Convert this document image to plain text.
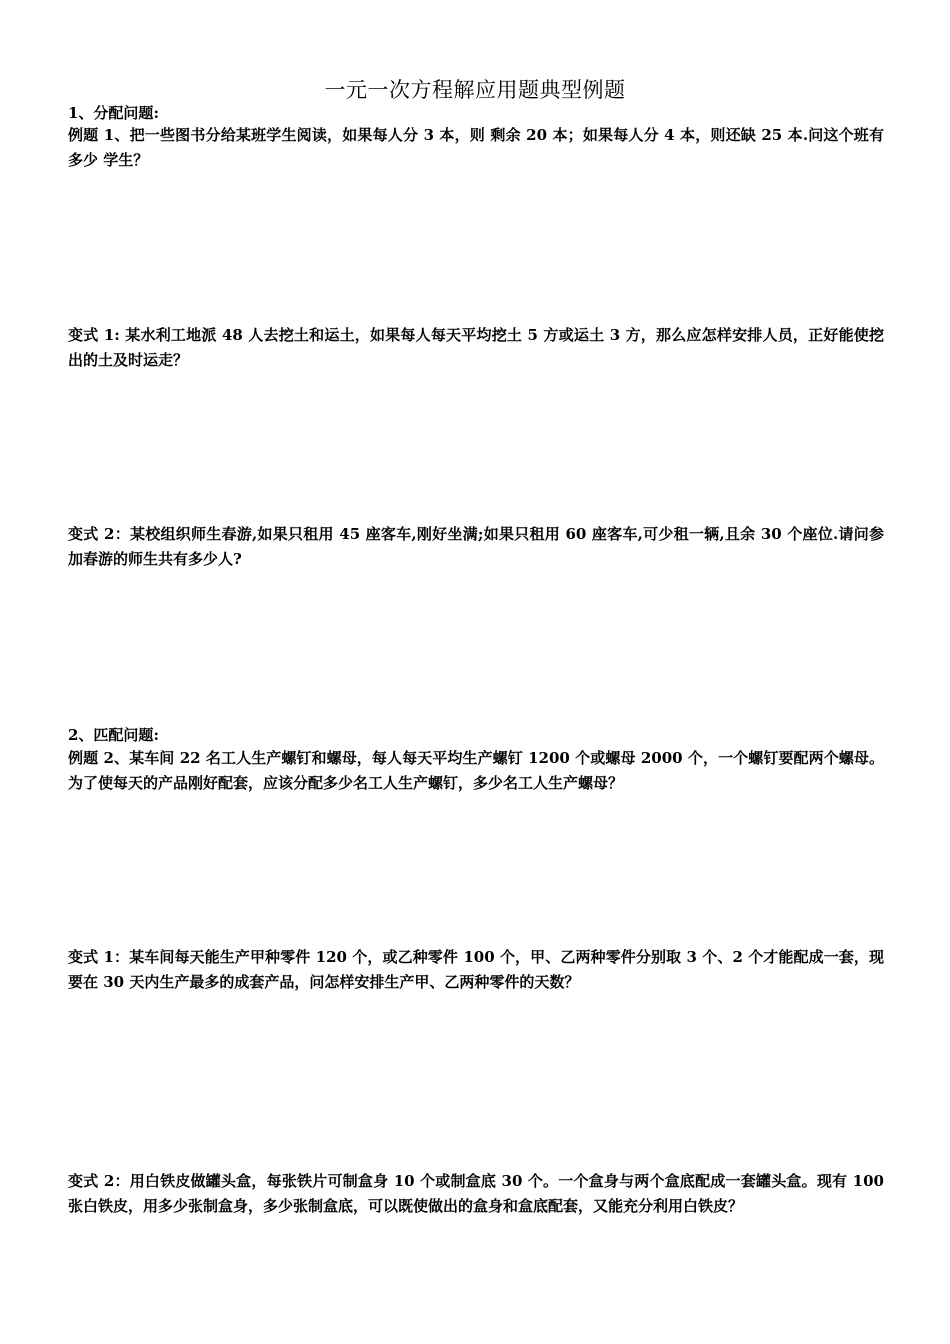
一元一次方程解应用题典型例题
1、分配问题:
例题 1、把一些图书分给某班学生阅读，如果每人分 3 本，则 剩余 20 本；如果每人分 4 本，则还缺 25 本.问这个班有多少 学生？
变式 1: 某水利工地派 48 人去挖土和运土，如果每人每天平均挖土 5 方或运土 3 方，那么应怎样安排人员，正好能使挖出的土及时运走？
变式 2：某校组织师生春游,如果只租用 45 座客车,刚好坐满;如果只租用 60 座客车,可少租一辆,且余 30 个座位.请问参加春游的师生共有多少人?
2、匹配问题:
例题 2、某车间 22 名工人生产螺钉和螺母，每人每天平均生产螺钉 1200 个或螺母 2000 个，一个螺钉要配两个螺母。为了使每天的产品刚好配套，应该分配多少名工人生产螺钉，多少名工人生产螺母？
变式 1：某车间每天能生产甲种零件 120 个，或乙种零件 100 个，甲、乙两种零件分别取 3 个、2 个才能配成一套，现要在 30 天内生产最多的成套产品，问怎样安排生产甲、乙两种零件的天数？
变式 2：用白铁皮做罐头盒，每张铁片可制盒身 10 个或制盒底 30 个。一个盒身与两个盒底配成一套罐头盒。现有 100 张白铁皮，用多少张制盒身，多少张制盒底，可以既使做出的盒身和盒底配套，又能充分利用白铁皮？
